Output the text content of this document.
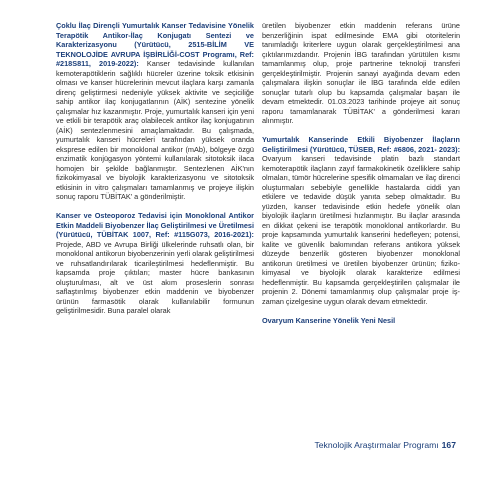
Çoklu İlaç Dirençli Yumurtalık Kanser Tedavisine Yönelik Terapötik Antikor-İlaç Konjugatı Sentezi ve Karakterizasyonu (Yürütücü, 2515-BİLİM VE TEKNOLOJİDE AVRUPA İŞBİRLİĞİ-COST Programı, Ref: #218S811, 2019-2022): Kanser tedavisinde kullanılan kemoterapötiklerin sağlıklı hücreler üzerine toksik etkisinin olması ve kanser hücrelerinin mevcut ilaçlara karşı zamanla direnç geliştirmesi nedeniyle yüksek aktivite ve seçiciliğe sahip antikor ilaç konjugatlarının (AİK) sentezine yönelik çalışmalar hız kazanmıştır. Proje, yumurtalık kanseri için yeni ve etkili bir terapötik araç olabilecek antikor ilaç konjugatının (AİK) sentezlenmesini amaçlamaktadır. Bu çalışmada, yumurtalık kanseri hücreleri tarafından yüksek oranda eksprese edilen bir monoklonal antikor (mAb), bölgeye özgü enzimatik konjügasyon yöntemi kullanılarak sitotoksik ilaca homojen bir şekilde bağlanmıştır. Sentezlenen AİK'nın fizikokimyasal ve biyolojik karakterizasyonu ve sitotoksik etkisinin in vitro çalışmaları tamamlanmış ve projeye ilişkin sonuç raporu TÜBİTAK' a gönderilmiştir.

Kanser ve Osteoporoz Tedavisi için Monoklonal Antikor Etkin Maddeli Biyobenzer İlaç Geliştirilmesi ve Üretilmesi (Yürütücü, TÜBİTAK 1007, Ref: #115G073, 2016-2021): Projede, ABD ve Avrupa Birliği ülkelerinde ruhsatlı olan, bir monoklonal antikorun biyobenzerinin yerli olarak geliştirilmesi ve ruhsatlandırılarak ticarileştirilmesi hedeflenmiştir. Bu kapsamda proje çıktıları; master hücre bankasının oluşturulması, alt ve üst akım proseslerin sonrası saflaştırılmış biyobenzer etkin maddenin ve biyobenzer ürünün farmasötik olarak kullanılabilir formunun geliştirilmesidir. Buna paralel olarak

üretilen biyobenzer etkin maddenin referans ürüne benzerliğinin ispat edilmesinde EMA gibi otoritelerin tanımladığı kriterlere uygun olarak gerçekleştirilmesi ana çıktılarımızdandır. Projenin İBG tarafından yürütülen kısmı tamamlanmış olup, proje partnerine teknoloji transferi gerçekleştirilmiştir. Projenin sanayi ayağında devam eden çalışmalara ilişkin sonuçlar ile İBG tarafında elde edilen sonuçlar tutarlı olup bu kapsamda çalışmalar başarı ile devam etmektedir. 01.03.2023 tarihinde projeye ait sonuç raporu tamamlanarak TÜBİTAK' a gönderilmesi kararı alınmıştır.

Yumurtalık Kanserinde Etkili Biyobenzer İlaçların Geliştirilmesi (Yürütücü, TÜSEB, Ref: #6806, 2021- 2023): Ovaryum kanseri tedavisinde platin bazlı standart kemoterapötik ilaçların zayıf farmakokinetik özelliklere sahip olmaları, tümör hücrelerine spesifik olmamaları ve ilaç direnci oluşturmaları sebebiyle genellikle hastalarda ciddi yan etkilere ve tedavide düşük yanıta sebep olmaktadır. Bu yüzden, kanser tedavisinde etkin hedefe yönelik olan biyolojik ilaçların üretilmesi hızlanmıştır. Bu ilaçlar arasında en dikkat çekeni ise terapötik monoklonal antikorlardır. Bu proje kapsamında yumurtalık kanserini hedefleyen; potensi, kalite ve güvenlik bakımından referans antikora yüksek düzeyde benzerlik gösteren biyobenzer monoklonal antikorun üretilmesi ve üretilen biyobenzer ürünün; fiziko-kimyasal ve biyolojik olarak karakterize edilmesi hedeflenmiştir. Bu kapsamda gerçekleştirilen çalışmalar ile projenin 2. Dönemi tamamlanmış olup çalışmalar proje iş-zaman çizelgesine uygun olarak devam etmektedir.

Ovaryum Kanserine Yönelik Yeni Nesil

Teknolojik Araştırmalar Programı 167
